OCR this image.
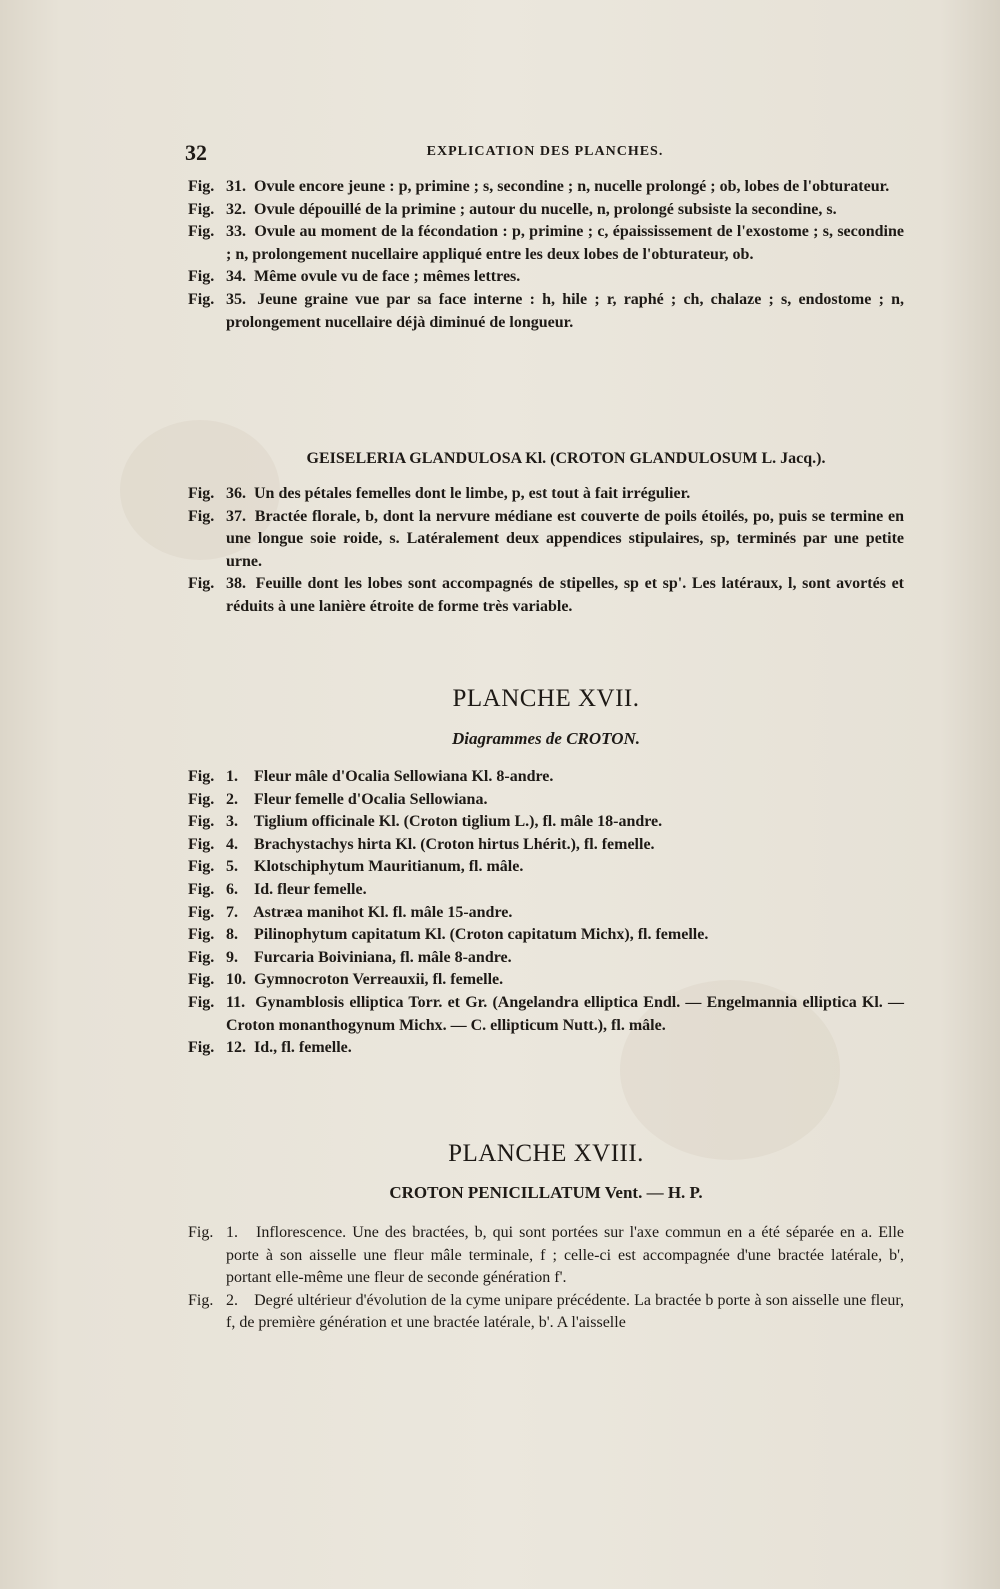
32	EXPLICATION DES PLANCHES.
Fig. 31. Ovule encore jeune : p, primine ; s, secondine ; n, nucelle prolongé ; ob, lobes de l'obturateur.
Fig. 32. Ovule dépouillé de la primine ; autour du nucelle, n, prolongé subsiste la secondine, s.
Fig. 33. Ovule au moment de la fécondation : p, primine ; c, épaississement de l'exostome ; s, secondine ; n, prolongement nucellaire appliqué entre les deux lobes de l'obturateur, ob.
Fig. 34. Même ovule vu de face ; mêmes lettres.
Fig. 35. Jeune graine vue par sa face interne : h, hile ; r, raphé ; ch, chalaze ; s, endostome ; n, prolongement nucellaire déjà diminué de longueur.
GEISELERIA GLANDULOSA Kl. (CROTON GLANDULOSUM L. Jacq.).
Fig. 36. Un des pétales femelles dont le limbe, p, est tout à fait irrégulier.
Fig. 37. Bractée florale, b, dont la nervure médiane est couverte de poils étoilés, po, puis se termine en une longue soie roide, s. Latéralement deux appendices stipulaires, sp, terminés par une petite urne.
Fig. 38. Feuille dont les lobes sont accompagnés de stipelles, sp et sp'. Les latéraux, l, sont avortés et réduits à une lanière étroite de forme très variable.
PLANCHE XVII.
Diagrammes de CROTON.
Fig. 1. Fleur mâle d'Ocalia Sellowiana Kl. 8-andre.
Fig. 2. Fleur femelle d'Ocalia Sellowiana.
Fig. 3. Tiglium officinale Kl. (Croton tiglium L.), fl. mâle 18-andre.
Fig. 4. Brachystachys hirta Kl. (Croton hirtus Lhérit.), fl. femelle.
Fig. 5. Klotschiphytum Mauritianum, fl. mâle.
Fig. 6. Id. fleur femelle.
Fig. 7. Astræa manihot Kl. fl. mâle 15-andre.
Fig. 8. Pilinophytum capitatum Kl. (Croton capitatum Michx), fl. femelle.
Fig. 9. Furcaria Boiviniana, fl. mâle 8-andre.
Fig. 10. Gymnocroton Verreauxii, fl. femelle.
Fig. 11. Gynamblosis elliptica Torr. et Gr. (Angelandra elliptica Endl. — Engelmannia elliptica Kl. — Croton monanthogynum Michx. — C. ellipticum Nutt.), fl. mâle.
Fig. 12. Id., fl. femelle.
PLANCHE XVIII.
CROTON PENICILLATUM Vent. — H. P.
Fig. 1. Inflorescence. Une des bractées, b, qui sont portées sur l'axe commun en a été séparée en a. Elle porte à son aisselle une fleur mâle terminale, f ; celle-ci est accompagnée d'une bractée latérale, b', portant elle-même une fleur de seconde génération f'.
Fig. 2. Degré ultérieur d'évolution de la cyme unipare précédente. La bractée b porte à son aisselle une fleur, f, de première génération et une bractée latérale, b'. A l'aisselle
